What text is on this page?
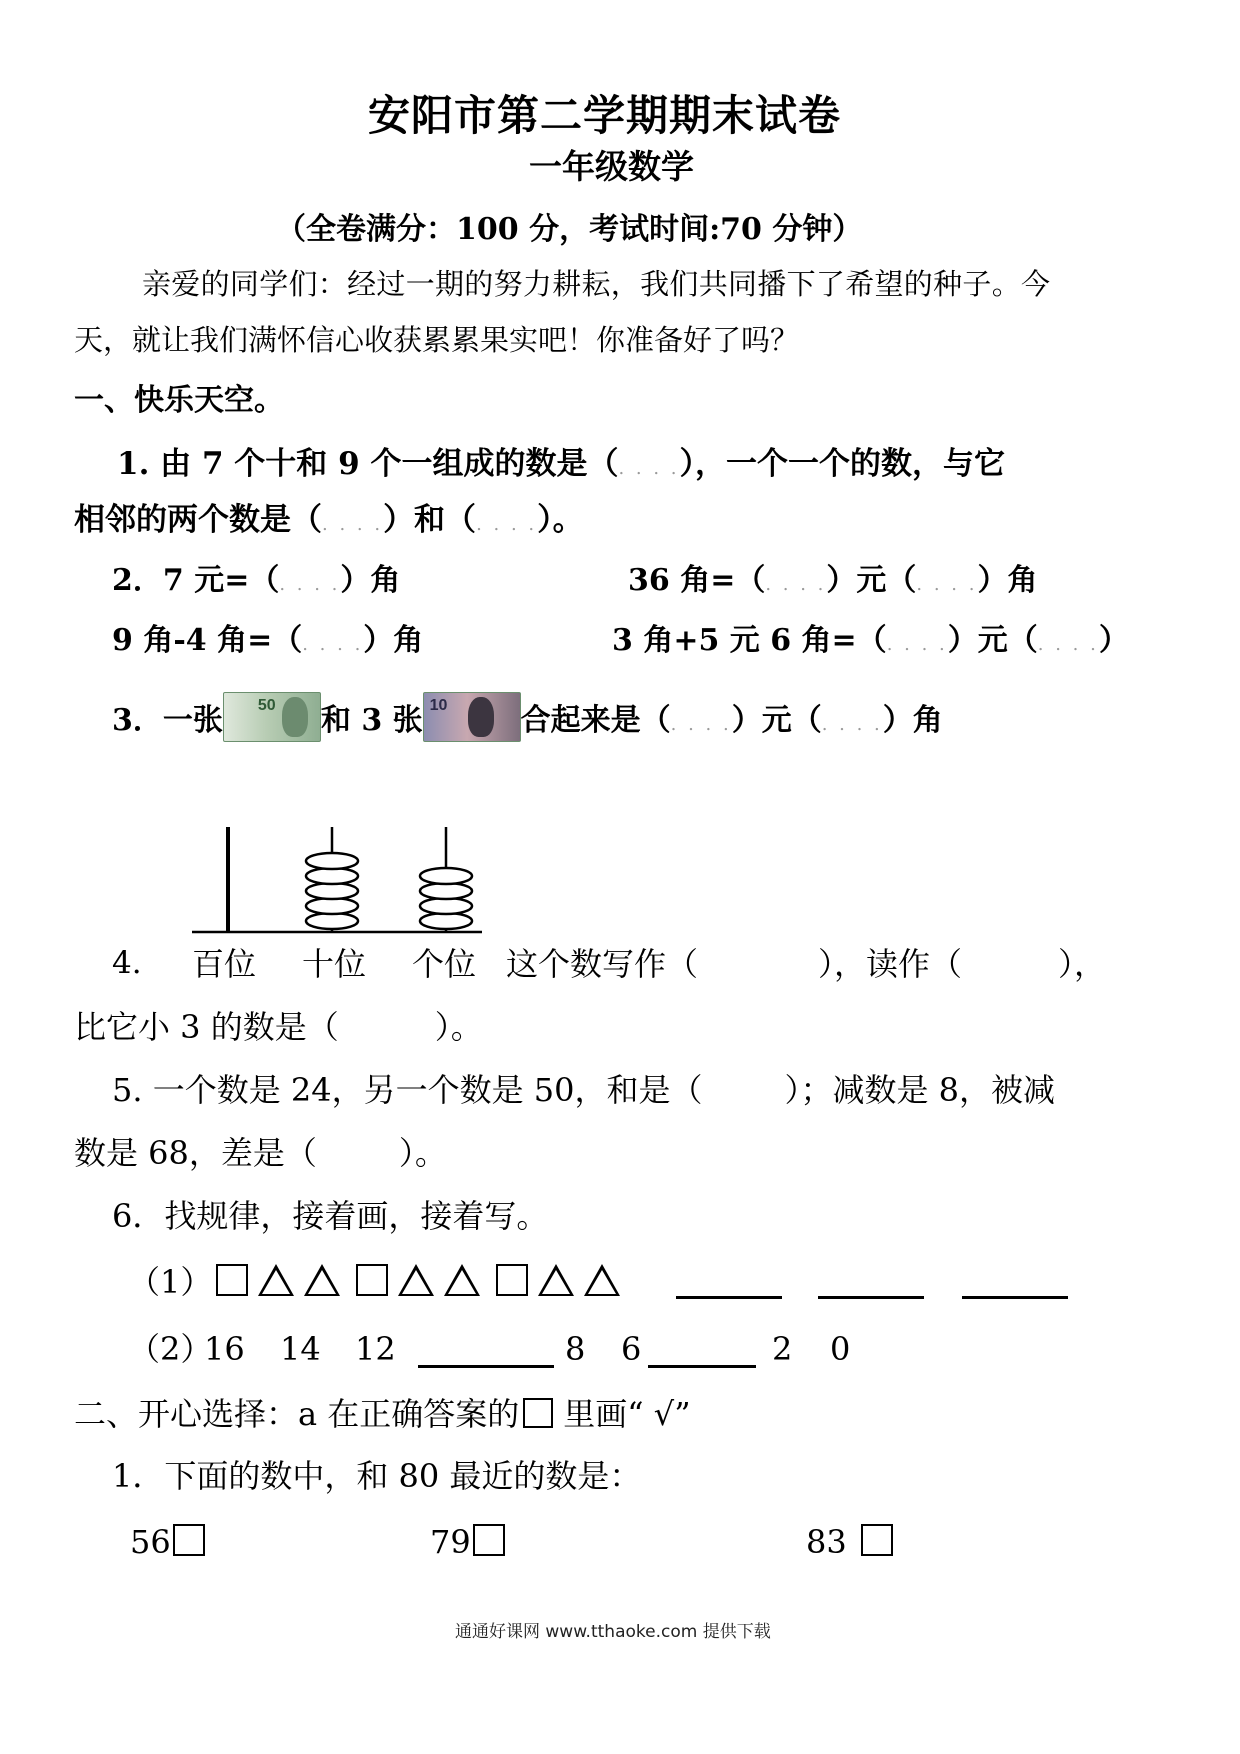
安阳市第二学期期末试卷
一年级数学
（全卷满分：100 分，考试时间:70 分钟）
亲爱的同学们：经过一期的努力耕耘，我们共同播下了希望的种子。今
天，就让我们满怀信心收获累累果实吧！你准备好了吗？
一、快乐天空。
1. 由 7 个十和 9 个一组成的数是（. . . .），一个一个的数，与它
相邻的两个数是（. . . .）和（. . . .）。
2．7 元=（. . . .）角	36 角=（. . . .）元（. . . .）角
9 角-4 角=（. . . .）角	3 角+5 元 6 角=（. . . .）元（. . . .）
3．一张 50 和 3 张 10 合起来是（. . . .）元（. . . .）角
4. 百位 十位 个位 这个数写作（	），读作（	），
比它小 3 的数是（	）。
5. 一个数是 24，另一个数是 50，和是（	）；减数是 8，被减
数是 68，差是（	）。
6．找规律，接着画，接着写。
（1）
（2）
16 14 12	8 6	2 0
二、开心选择：a 在正确答案的 里画“ √”
1．下面的数中，和 80 最近的数是：
56	79	83
通通好课网 www.tthaoke.com 提供下载
